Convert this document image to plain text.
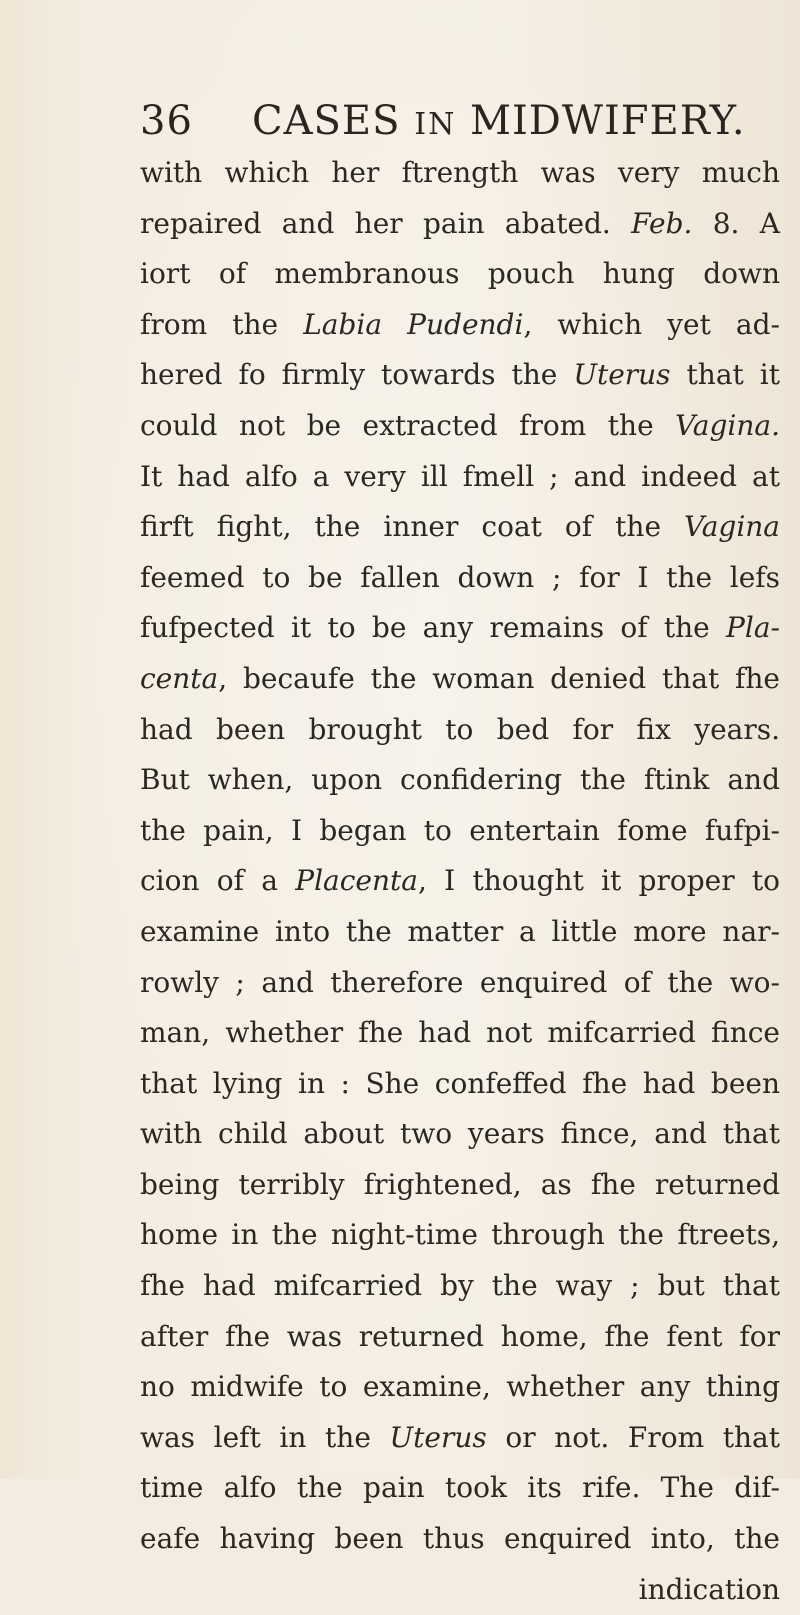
36 CASES IN MIDWIFERY.
with which her ftrength was very much
repaired and her pain abated. Feb. 8. A
iort of membranous pouch hung down
from the Labia Pudendi, which yet ad-
hered fo firmly towards the Uterus that it
could not be extracted from the Vagina.
It had alfo a very ill fmell ; and indeed at
firft fight, the inner coat of the Vagina
feemed to be fallen down ; for I the lefs
fufpected it to be any remains of the Pla-
centa, becaufe the woman denied that fhe
had been brought to bed for fix years.
But when, upon confidering the ftink and
the pain, I began to entertain fome fufpi-
cion of a Placenta, I thought it proper to
examine into the matter a little more nar-
rowly ; and therefore enquired of the wo-
man, whether fhe had not mifcarried fince
that lying in : She confeffed fhe had been
with child about two years fince, and that
being terribly frightened, as fhe returned
home in the night-time through the ftreets,
fhe had mifcarried by the way ; but that
after fhe was returned home, fhe fent for
no midwife to examine, whether any thing
was left in the Uterus or not. From that
time alfo the pain took its rife. The dif-
eafe having been thus enquired into, the
indication
